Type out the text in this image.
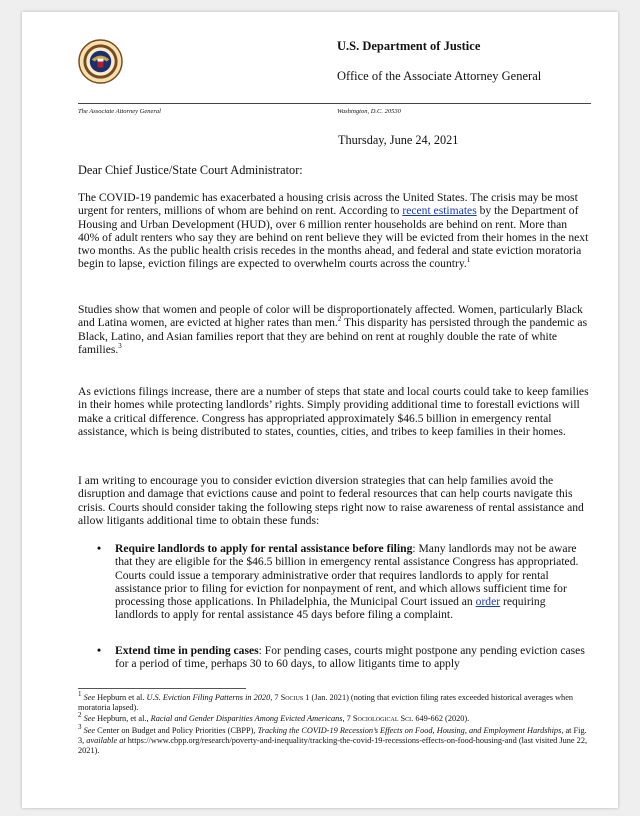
U.S. Department of Justice
Office of the Associate Attorney General
The Associate Attorney General	Washington, D.C. 20530
Thursday, June 24, 2021
Dear Chief Justice/State Court Administrator:
The COVID-19 pandemic has exacerbated a housing crisis across the United States. The crisis may be most urgent for renters, millions of whom are behind on rent. According to recent estimates by the Department of Housing and Urban Development (HUD), over 6 million renter households are behind on rent. More than 40% of adult renters who say they are behind on rent believe they will be evicted from their homes in the next two months. As the public health crisis recedes in the months ahead, and federal and state eviction moratoria begin to lapse, eviction filings are expected to overwhelm courts across the country.$^1$
Studies show that women and people of color will be disproportionately affected. Women, particularly Black and Latina women, are evicted at higher rates than men.$^2$ This disparity has persisted through the pandemic as Black, Latino, and Asian families report that they are behind on rent at roughly double the rate of white families.$^3$
As evictions filings increase, there are a number of steps that state and local courts could take to keep families in their homes while protecting landlords’ rights. Simply providing additional time to forestall evictions will make a critical difference. Congress has appropriated approximately $46.5 billion in emergency rental assistance, which is being distributed to states, counties, cities, and tribes to keep families in their homes.
I am writing to encourage you to consider eviction diversion strategies that can help families avoid the disruption and damage that evictions cause and point to federal resources that can help courts navigate this crisis. Courts should consider taking the following steps right now to raise awareness of rental assistance and allow litigants additional time to obtain these funds:
• Require landlords to apply for rental assistance before filing: Many landlords may not be aware that they are eligible for the $46.5 billion in emergency rental assistance Congress has appropriated. Courts could issue a temporary administrative order that requires landlords to apply for rental assistance prior to filing for eviction for nonpayment of rent, and which allows sufficient time for processing those applications. In Philadelphia, the Municipal Court issued an order requiring landlords to apply for rental assistance 45 days before filing a complaint.
• Extend time in pending cases: For pending cases, courts might postpone any pending eviction cases for a period of time, perhaps 30 to 60 days, to allow litigants time to apply

$^1$ See Hepburn et al. U.S. Eviction Filing Patterns in 2020, 7 Socius 1 (Jan. 2021) (noting that eviction filing rates exceeded historical averages when moratoria lapsed).

$^2$ See Hepburn, et al., Racial and Gender Disparities Among Evicted Americans, 7 Sociological Sci. 649-662 (2020).

$^3$ See Center on Budget and Policy Priorities (CBPP), Tracking the COVID-19 Recession’s Effects on Food, Housing, and Employment Hardships, at Fig. 3, available at https://www.cbpp.org/research/poverty-and-inequality/tracking-the-covid-19-recessions-effects-on-food-housing-and (last visited June 22, 2021).
